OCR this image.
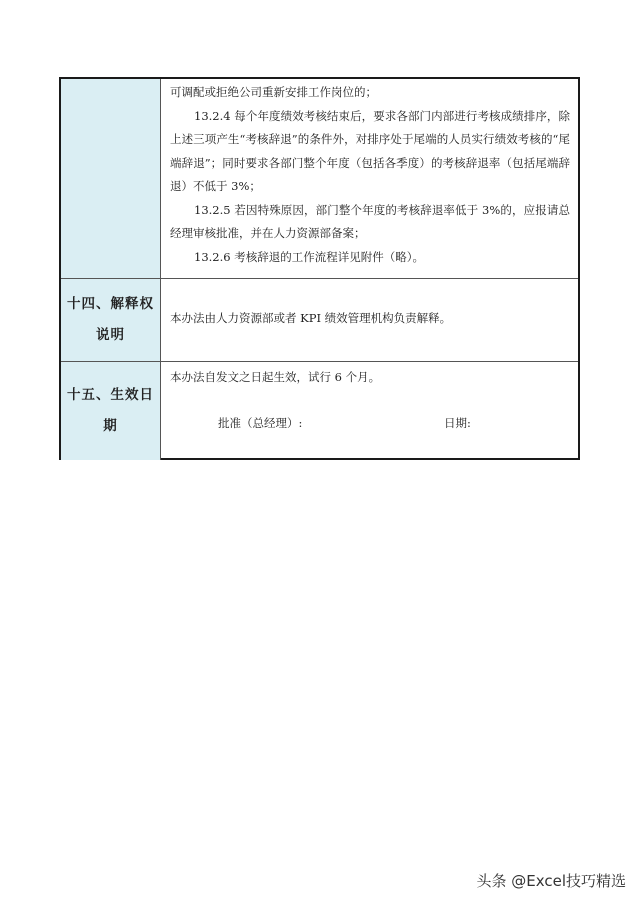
可调配或拒绝公司重新安排工作岗位的；

13.2.4 每个年度绩效考核结束后，要求各部门内部进行考核成绩排序，除上述三项产生“考核辞退”的条件外，对排序处于尾端的人员实行绩效考核的“尾端辞退”；同时要求各部门整个年度（包括各季度）的考核辞退率（包括尾端辞退）不低于 3%；

13.2.5 若因特殊原因，部门整个年度的考核辞退率低于 3%的，应报请总经理审核批准，并在人力资源部备案；

13.2.6 考核辞退的工作流程详见附件（略）。

十四、解释权
说明

本办法由人力资源部或者 KPI 绩效管理机构负责解释。

十五、生效日
期

本办法自发文之日起生效，试行 6 个月。

批准（总经理）:	日期:
头条 @Excel技巧精选
